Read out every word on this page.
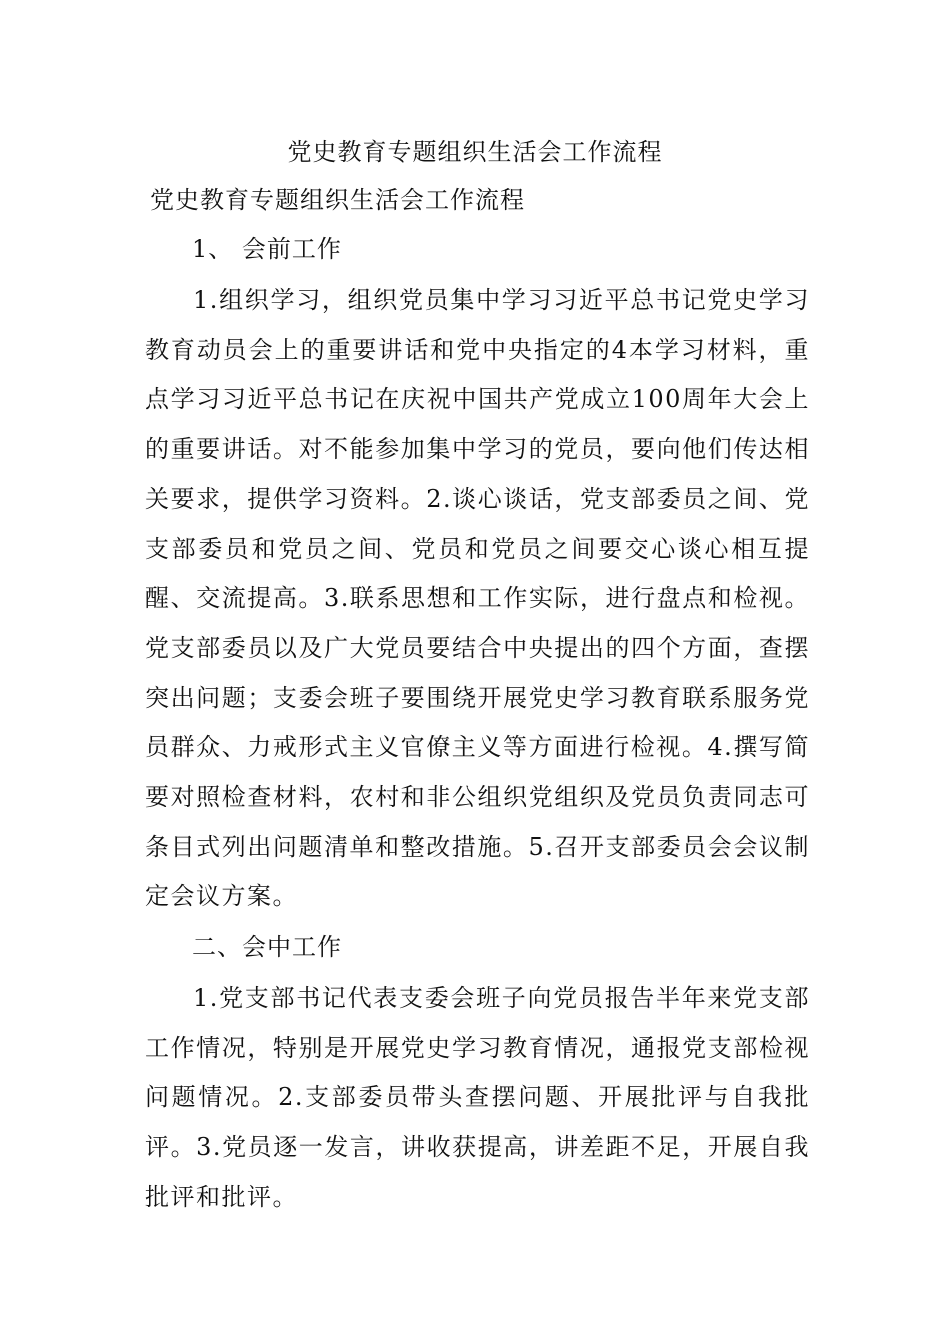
党史教育专题组织生活会工作流程
党史教育专题组织生活会工作流程
1、 会前工作

1.组织学习，组织党员集中学习习近平总书记党史学习教育动员会上的重要讲话和党中央指定的4本学习材料，重点学习习近平总书记在庆祝中国共产党成立100周年大会上的重要讲话。对不能参加集中学习的党员，要向他们传达相关要求，提供学习资料。2.谈心谈话，党支部委员之间、党支部委员和党员之间、党员和党员之间要交心谈心相互提醒、交流提高。3.联系思想和工作实际，进行盘点和检视。党支部委员以及广大党员要结合中央提出的四个方面，查摆突出问题；支委会班子要围绕开展党史学习教育联系服务党员群众、力戒形式主义官僚主义等方面进行检视。4.撰写简要对照检查材料，农村和非公组织党组织及党员负责同志可条目式列出问题清单和整改措施。5.召开支部委员会会议制定会议方案。

二、会中工作

1.党支部书记代表支委会班子向党员报告半年来党支部工作情况，特别是开展党史学习教育情况，通报党支部检视问题情况。2.支部委员带头查摆问题、开展批评与自我批评。3.党员逐一发言，讲收获提高，讲差距不足，开展自我批评和批评。
